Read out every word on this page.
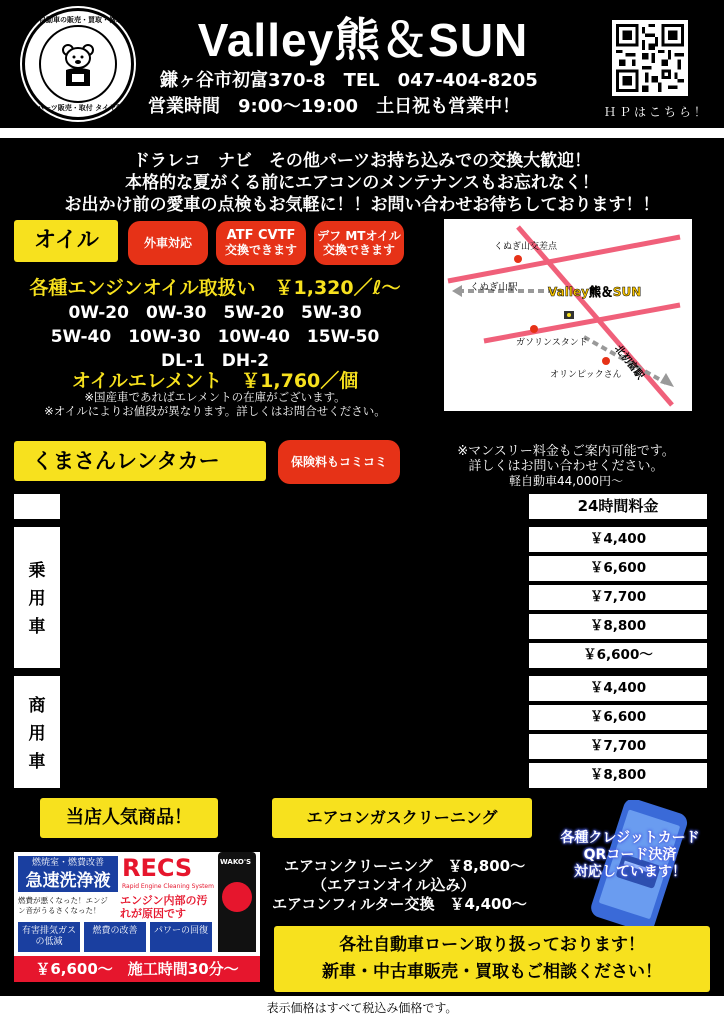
自動車の販売・買取・修理・車検
パーツ販売・取付 タイヤ預かり
Valley熊＆SUN
鎌ヶ谷市初富370-8　TEL　047-404-8205
営業時間　9:00～19:00　土日祝も営業中！	ＨＰはこちら！
ドラレコ　ナビ　その他パーツお持ち込みでの交換大歓迎！
本格的な夏がくる前にエアコンのメンテナンスもお忘れなく！
お出かけ前の愛車の点検もお気軽に！！お問い合わせお待ちしております！！
オイル	外車対応	ATF CVTF
交換できます
デフ MTオイル
交換できます
各種エンジンオイル取扱い　￥1,320／ℓ～
0W-20　0W-30　5W-20　5W-30
5W-40　10W-30　10W-40　15W-50
DL-1　DH-2
オイルエレメント　￥1,760／個
※国産車であればエレメントの在庫がございます。
※オイルによりお値段が異なります。詳しくはお問合せください。
くぬぎ山交差点
くぬぎ山駅	Valley熊＆SUN
ガソリンスタンド
北初富駅
オリンピックさん
くまさんレンタカー	保険料もコミコミ
※マンスリー料金もご案内可能です。
詳しくはお問い合わせください。
軽自動車44,000円～
車種クラス	24時間料金
乗
用
車
軽自動車(ムーブコンテ等 4人乗り)	￥4,400
コンパクトカー(ポルテ等 5人乗り)	￥6,600
ミニバン(エスティマ等 7～8人乗り)	￥7,700
ハイクラスミニバン(アルファード等7～8人乗り)	￥8,800
ハイブリッドカー(車種についてはお問い合わせください)	￥6,600～
商
用
車
軽トラック	￥4,400
商用バン(ＡＤバン等)	￥6,600
キャラバン	￥7,700
平ボディトラック(1.5ｔ)	￥8,800
当店人気商品！	エアコンガスクリーニング
燃焼室・燃費改善
急速洗浄液 RECS
Rapid Engine Cleaning System
燃費が悪くなった！エンジン音がうるさくなった！
エンジン内部の汚れが原因です
有害排気ガスの低減
燃費の改善	パワーの回復
WAKO'S
￥6,600～　施工時間30分～
エアコンクリーニング　￥8,800～
（エアコンオイル込み）
エアコンフィルター交換　￥4,400～
各種クレジットカード
QRコード決済
対応しています！
各社自動車ローン取り扱っております！
新車・中古車販売・買取もご相談ください！
表示価格はすべて税込み価格です。
